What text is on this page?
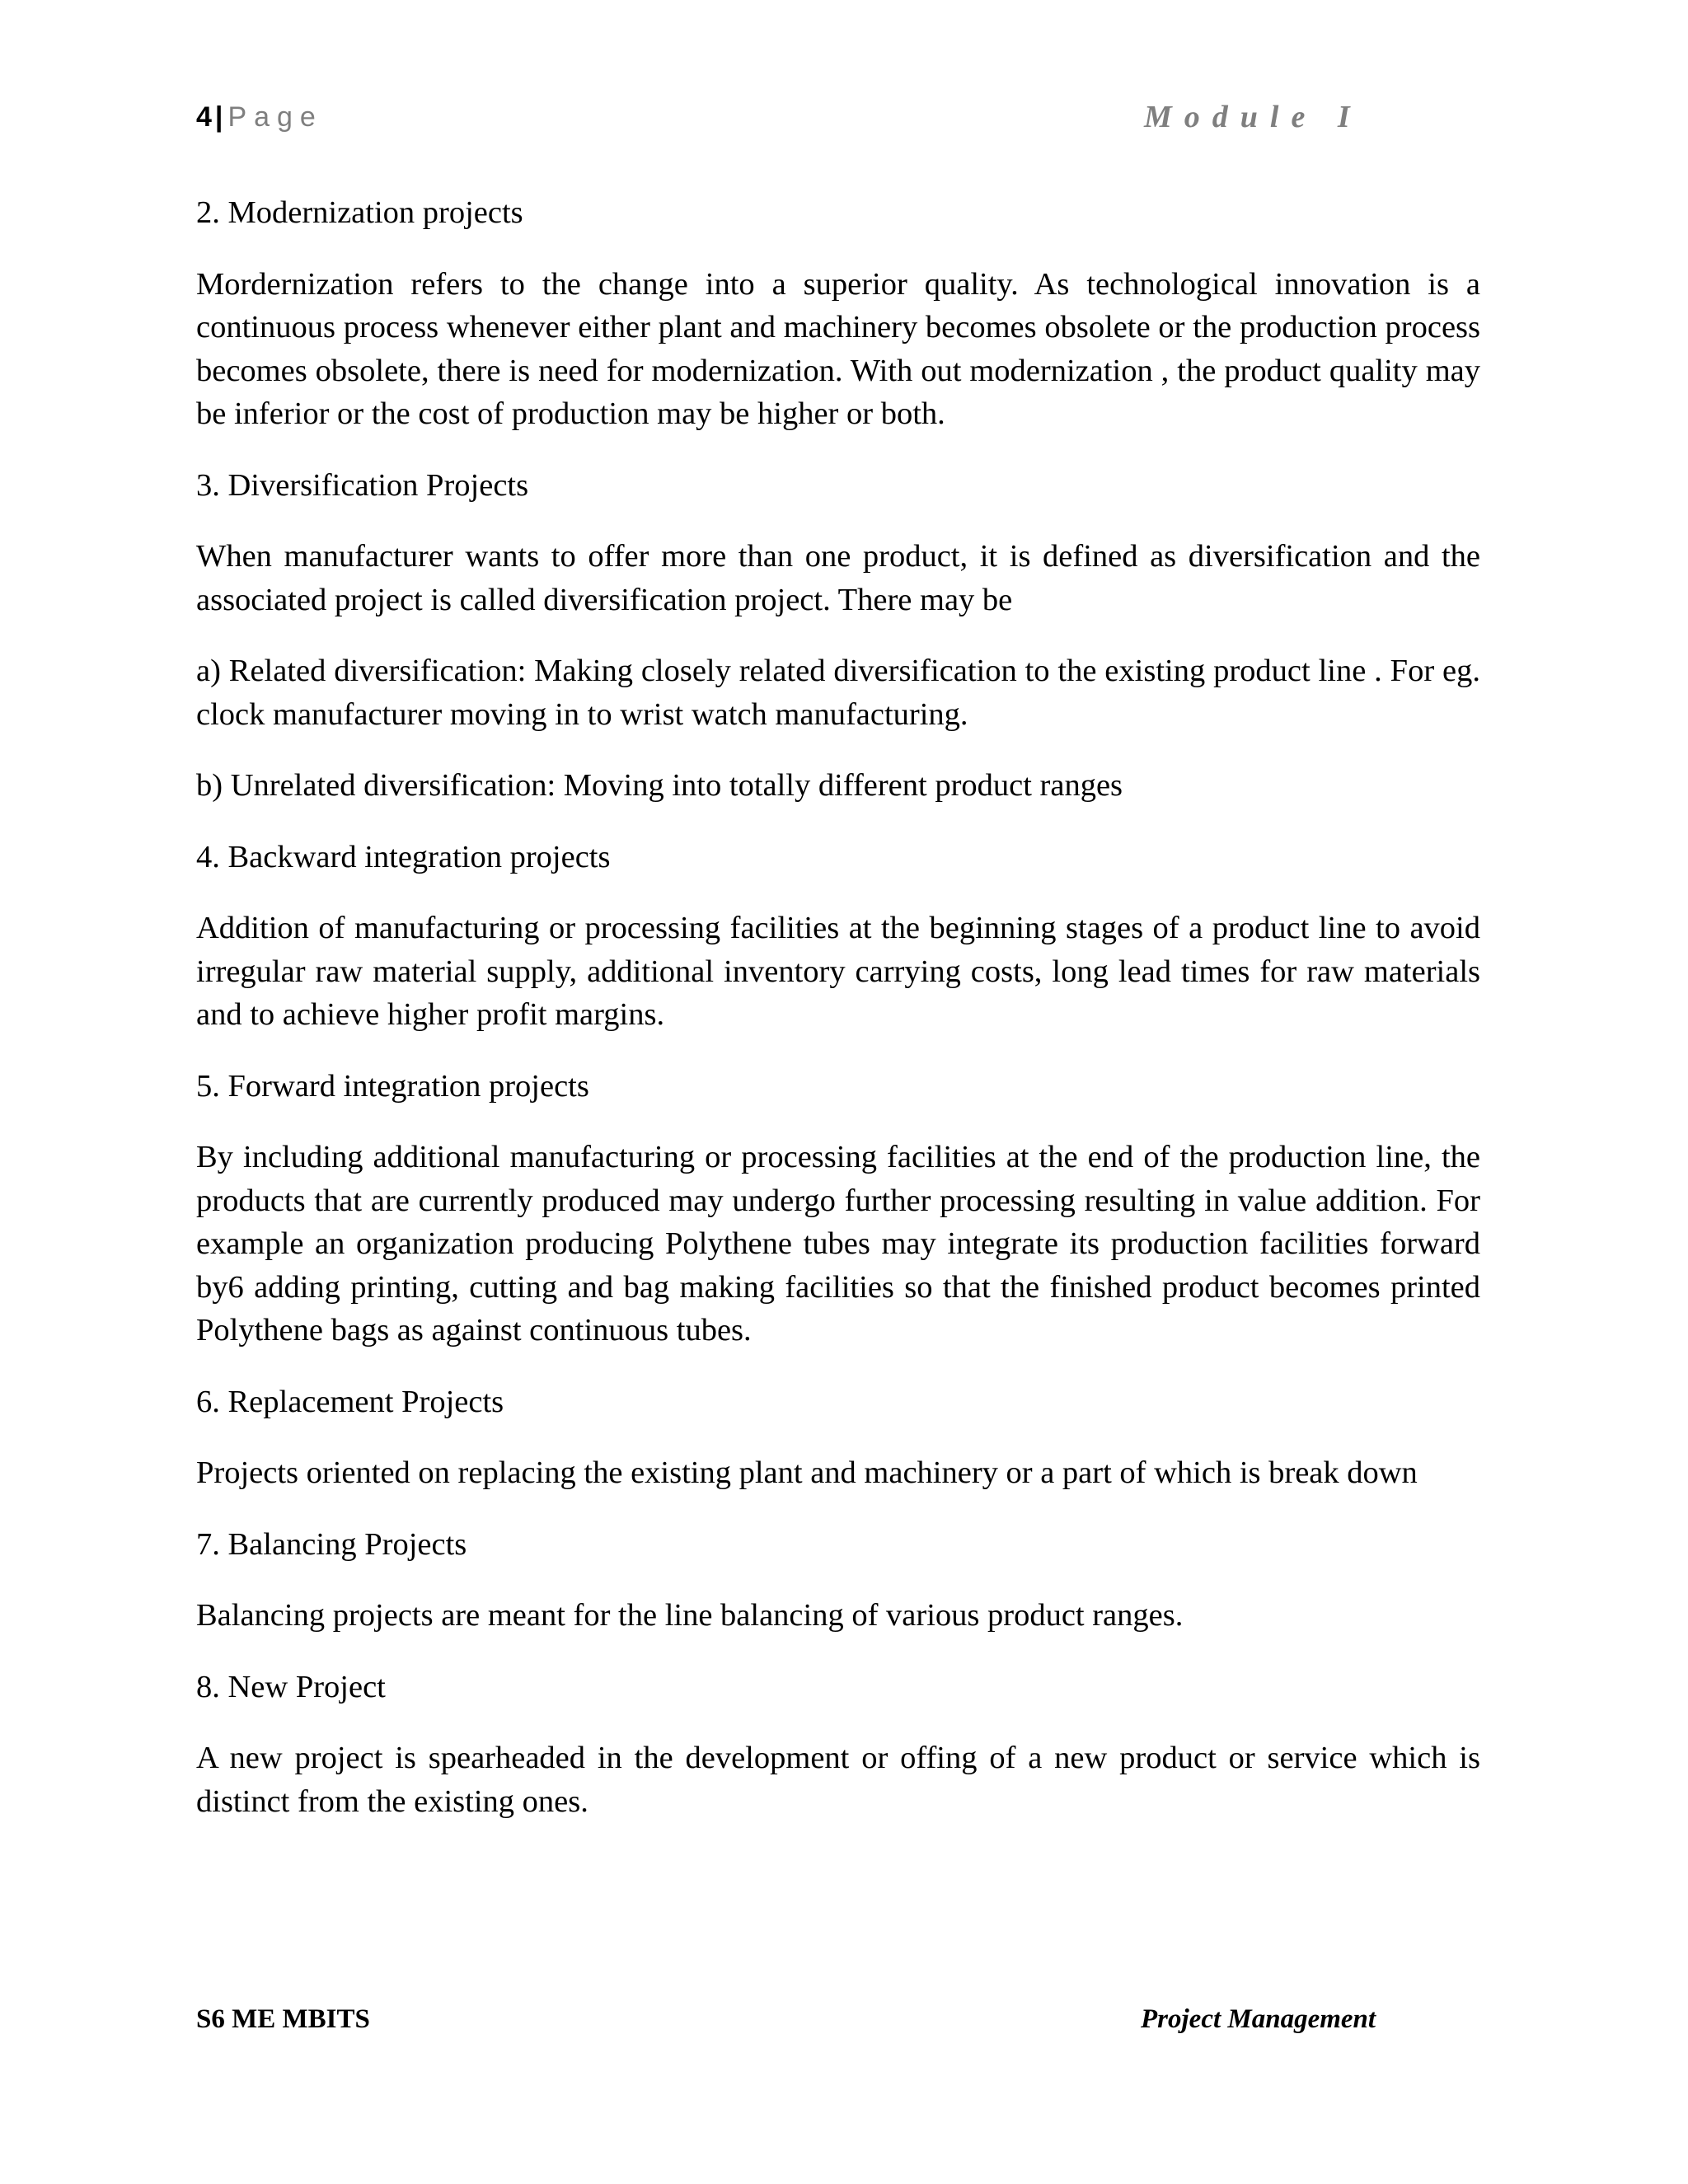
4 | Page	Module I

2. Modernization projects

Mordernization refers to the change into a superior quality. As technological innovation is a continuous process whenever either plant and machinery becomes obsolete or the production process becomes obsolete, there is need for modernization. With out modernization , the product quality may be inferior or the cost of production may be higher or both.

3. Diversification Projects

When manufacturer wants to offer more than one product, it is defined as diversification and the associated project is called diversification project. There may be

a) Related diversification: Making closely related diversification to the existing product line . For eg. clock manufacturer moving in to wrist watch manufacturing.

b) Unrelated diversification: Moving into totally different product ranges

4. Backward integration projects

Addition of manufacturing or processing facilities at the beginning stages of a product line to avoid irregular raw material supply, additional inventory carrying costs, long lead times for raw materials and to achieve higher profit margins.

5. Forward integration projects

By including additional manufacturing or processing facilities at the end of the production line, the products that are currently produced may undergo further processing resulting in value addition. For example an organization producing Polythene tubes may integrate its production facilities forward by6 adding printing, cutting and bag making facilities so that the finished product becomes printed Polythene bags as against continuous tubes.

6. Replacement Projects

Projects oriented on replacing the existing plant and machinery or a part of which is break down

7. Balancing Projects

Balancing projects are meant for the line balancing of various product ranges.

8. New Project

A new project is spearheaded in the development or offing of a new product or service which is distinct from the existing ones.

S6 ME MBITS	Project Management
